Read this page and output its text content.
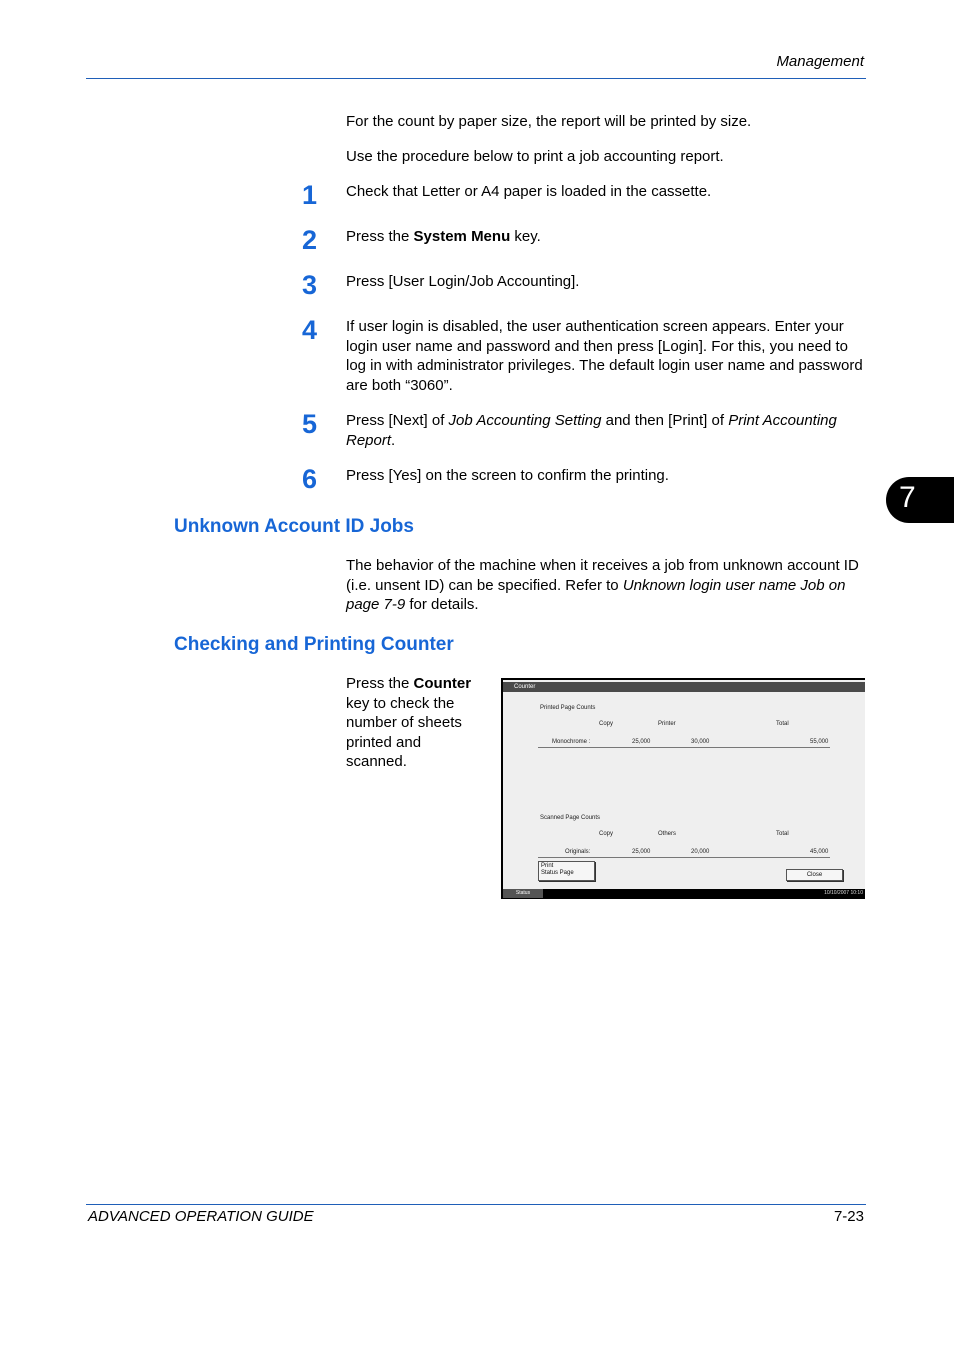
Management
For the count by paper size, the report will be printed by size.
Use the procedure below to print a job accounting report.
1	Check that Letter or A4 paper is loaded in the cassette.
2	Press the System Menu key.
3	Press [User Login/Job Accounting].
4	If user login is disabled, the user authentication screen appears. Enter your login user name and password and then press [Login]. For this, you need to log in with administrator privileges. The default login user name and password are both “3060”.
5	Press [Next] of Job Accounting Setting and then [Print] of Print Accounting Report.
6	Press [Yes] on the screen to confirm the printing.
7
Unknown Account ID Jobs
The behavior of the machine when it receives a job from unknown account ID (i.e. unsent ID) can be specified. Refer to Unknown login user name Job on page 7-9 for details.
Checking and Printing Counter
Press the Counter key to check the number of sheets printed and scanned.
Counter
Printed Page Counts
Copy	Printer	Total
Monochrome :	25,000	30,000	55,000
Scanned Page Counts
Copy	Others	Total
Originals:	25,000	20,000	45,000
Print
Status Page	Close
Status	10/10/2007 10:10
ADVANCED OPERATION GUIDE	7-23
